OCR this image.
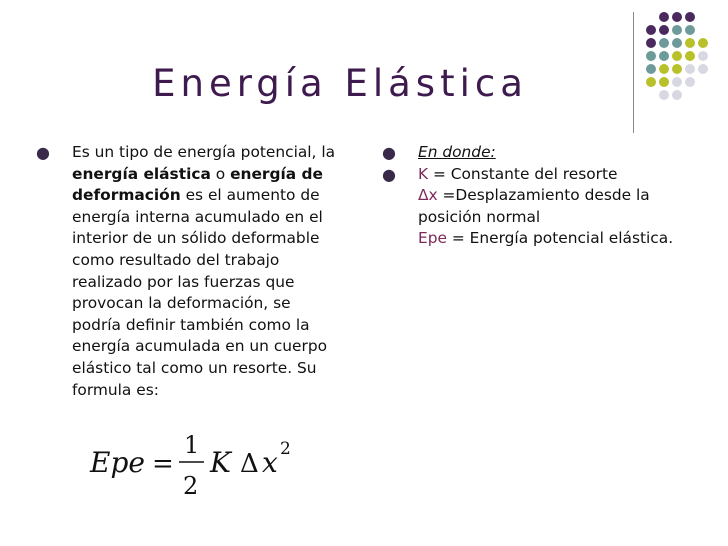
Energía Elástica
● Es un tipo de energía potencial, la energía elástica o energía de deformación es el aumento de energía interna acumulado en el interior de un sólido deformable como resultado del trabajo realizado por las fuerzas que provocan la deformación, se podría definir también como la energía acumulada en un cuerpo elástico tal como un resorte. Su formula es:
Epe =
1
2
K Δ x 2
● En donde:
● K = Constante del resorte
Δx =Desplazamiento desde la posición normal
Epe = Energía potencial elástica.
